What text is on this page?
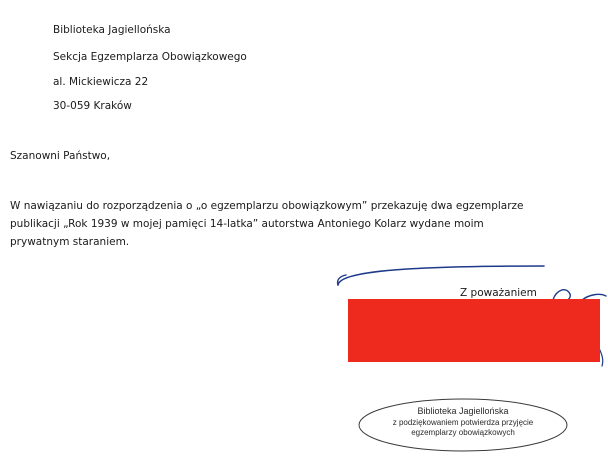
Biblioteka Jagiellońska
Sekcja Egzemplarza Obowiązkowego
al. Mickiewicza 22
30-059 Kraków
Szanowni Państwo,
W nawiązaniu do rozporządzenia o „o egzemplarzu obowiązkowym” przekazuję dwa egzemplarze
publikacji „Rok 1939 w mojej pamięci 14-latka” autorstwa Antoniego Kolarz wydane moim
prywatnym staraniem.
Z poważaniem
Biblioteka Jagiellońska
z podziękowaniem potwierdza przyjęcie
egzemplarzy obowiązkowych
